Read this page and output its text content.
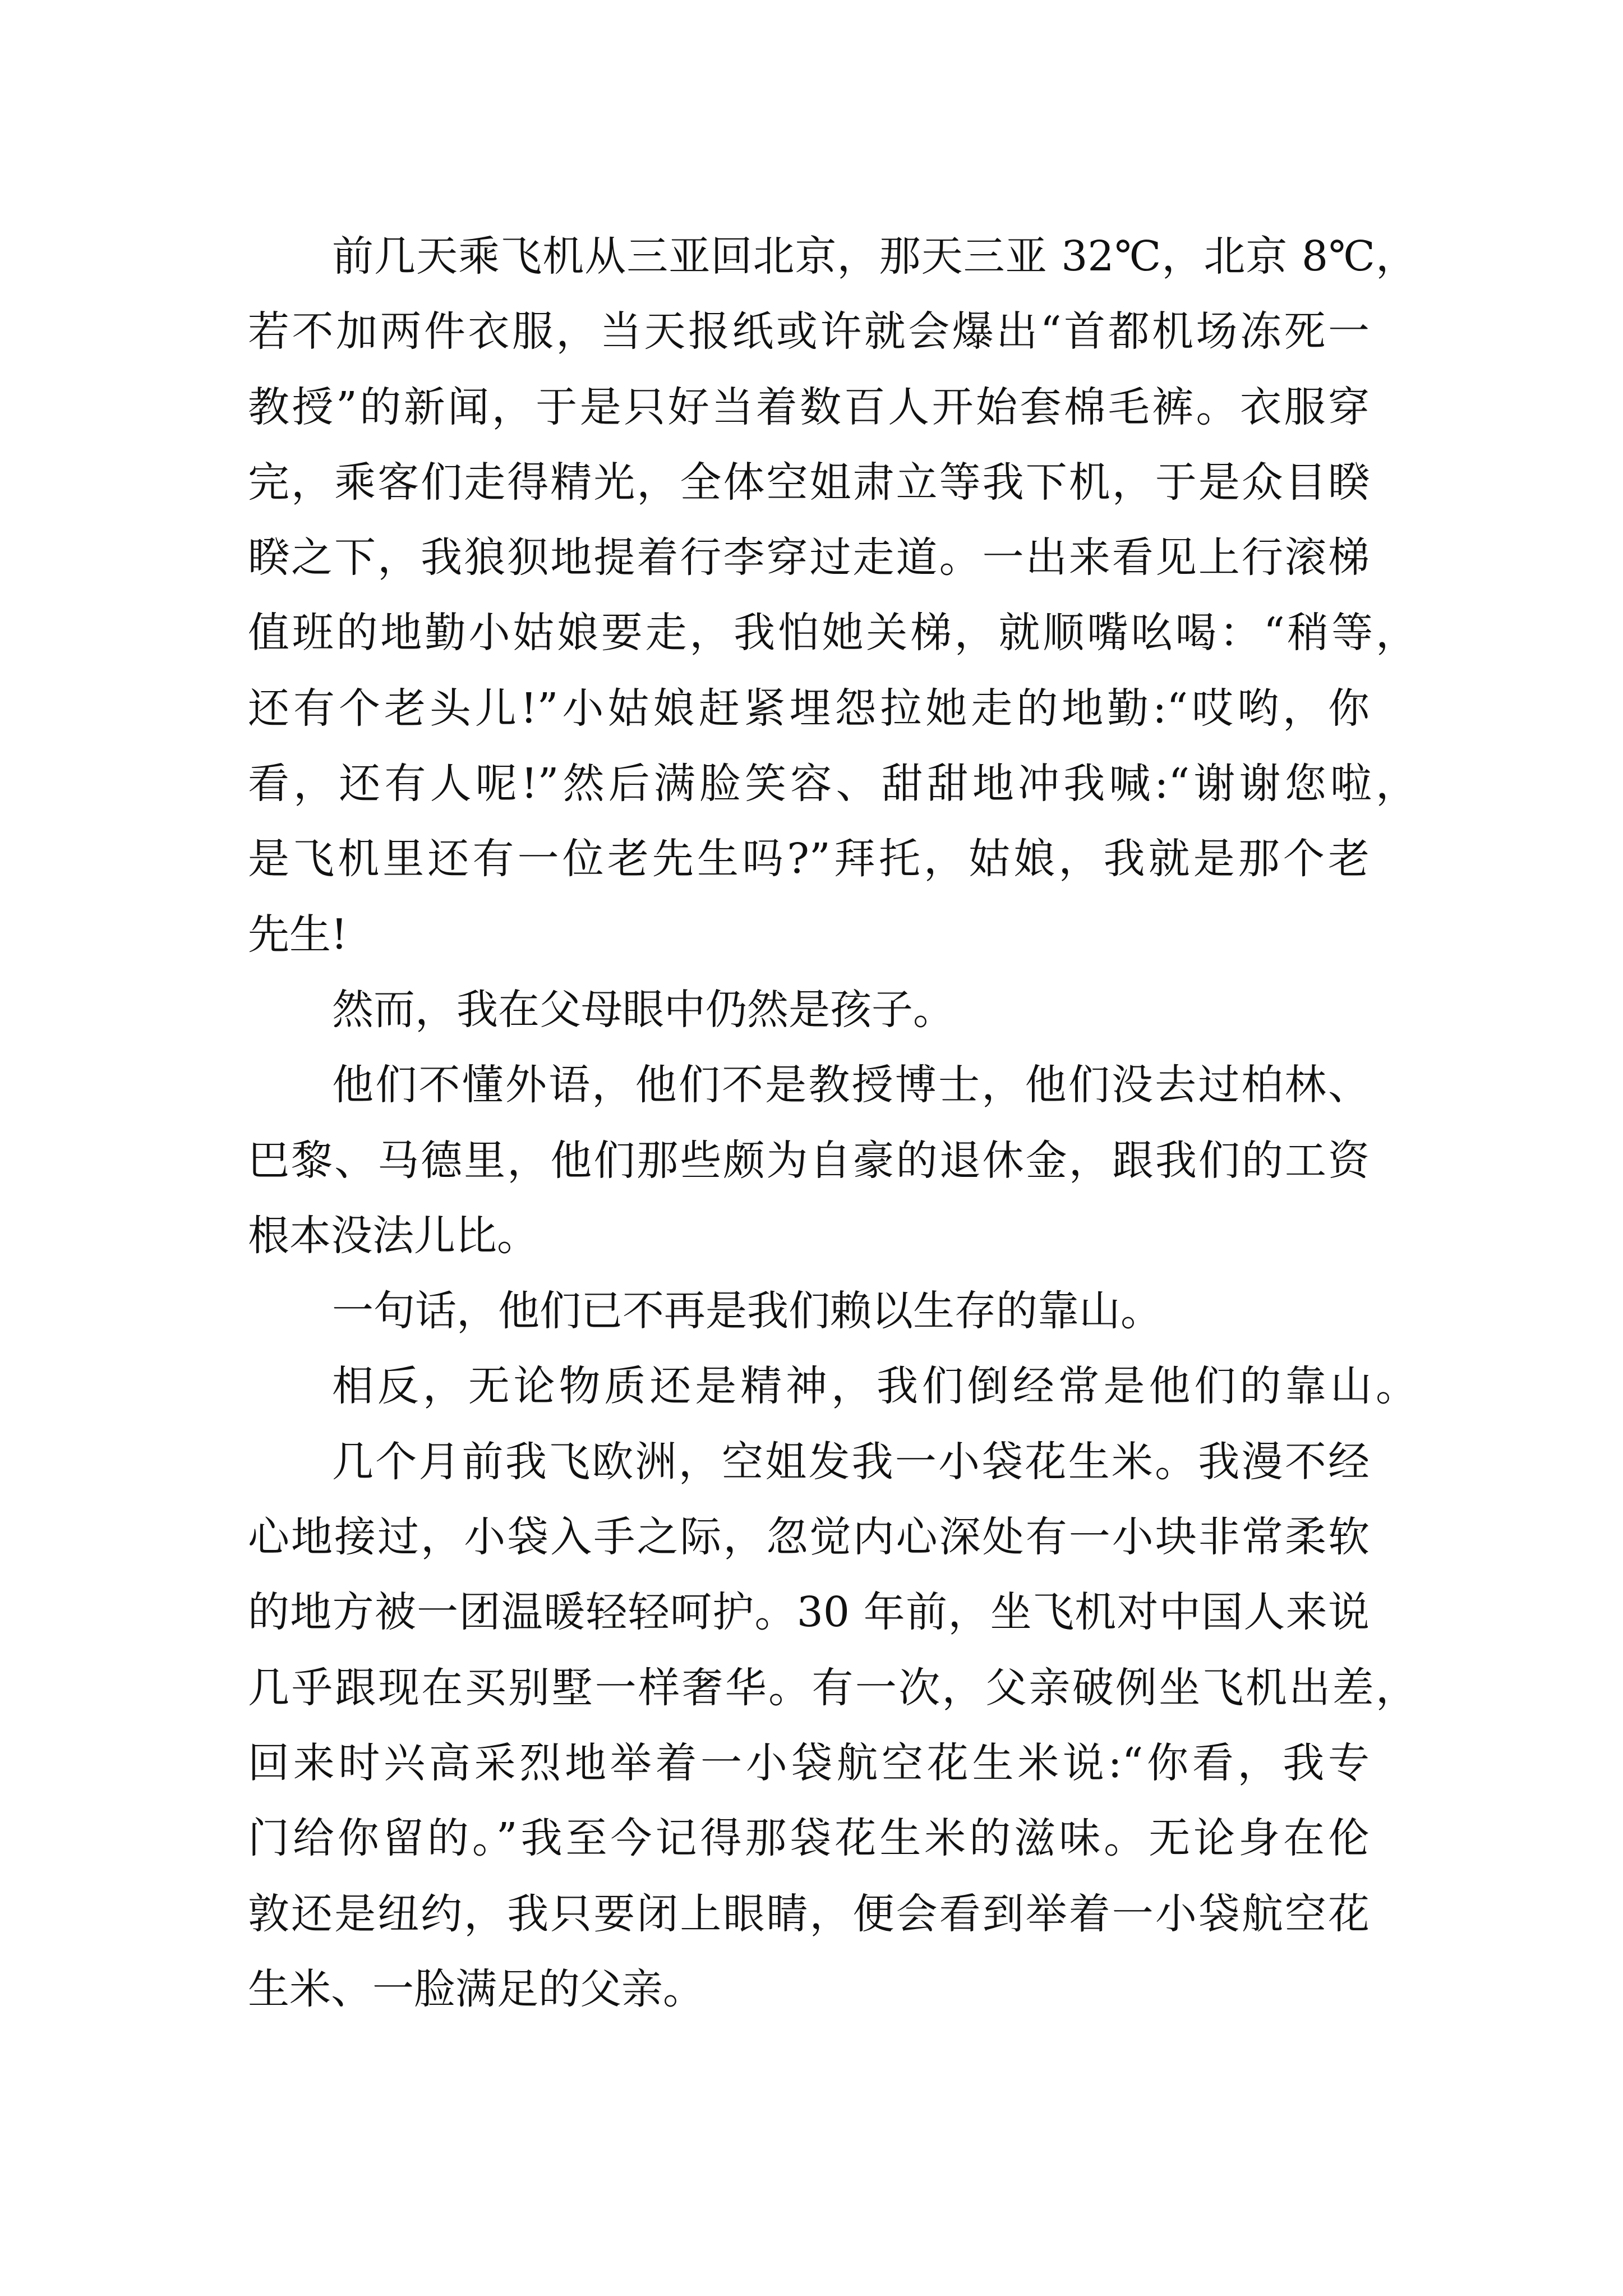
前几天乘飞机从三亚回北京，那天三亚 32℃，北京 8℃，
若不加两件衣服，当天报纸或许就会爆出“首都机场冻死一
教授”的新闻，于是只好当着数百人开始套棉毛裤。衣服穿
完，乘客们走得精光，全体空姐肃立等我下机，于是众目睽
睽之下，我狼狈地提着行李穿过走道。一出来看见上行滚梯
值班的地勤小姑娘要走，我怕她关梯，就顺嘴吆喝：“稍等，
还有个老头儿!”小姑娘赶紧埋怨拉她走的地勤:“哎哟，你
看，还有人呢!”然后满脸笑容、甜甜地冲我喊:“谢谢您啦，
是飞机里还有一位老先生吗?”拜托，姑娘，我就是那个老
先生!
然而，我在父母眼中仍然是孩子。
他们不懂外语，他们不是教授博士，他们没去过柏林、
巴黎、马德里，他们那些颇为自豪的退休金，跟我们的工资
根本没法儿比。
一句话，他们已不再是我们赖以生存的靠山。
相反，无论物质还是精神，我们倒经常是他们的靠山。
几个月前我飞欧洲，空姐发我一小袋花生米。我漫不经
心地接过，小袋入手之际，忽觉内心深处有一小块非常柔软
的地方被一团温暖轻轻呵护。30 年前，坐飞机对中国人来说
几乎跟现在买别墅一样奢华。有一次，父亲破例坐飞机出差，
回来时兴高采烈地举着一小袋航空花生米说:“你看，我专
门给你留的。”我至今记得那袋花生米的滋味。无论身在伦
敦还是纽约，我只要闭上眼睛，便会看到举着一小袋航空花
生米、一脸满足的父亲。
